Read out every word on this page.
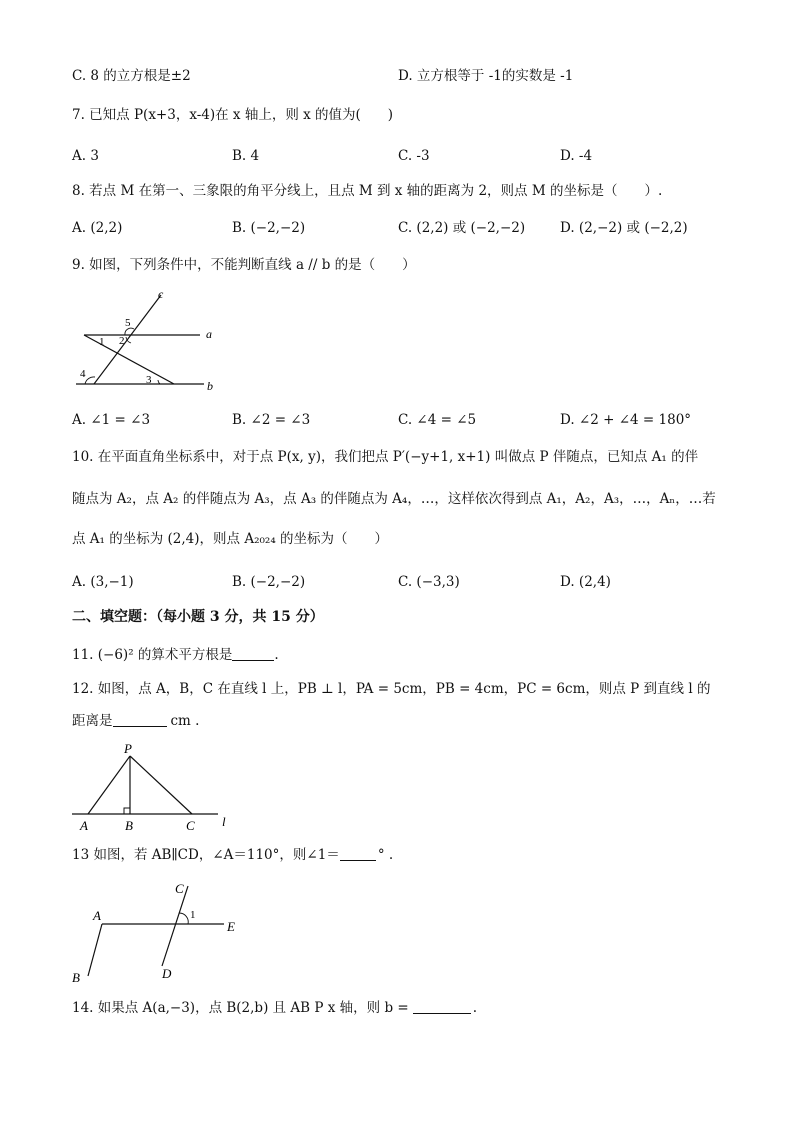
C. 8 的立方根是±2	D. 立方根等于 -1的实数是 -1
7. 已知点 P(x+3，x-4)在 x 轴上，则 x 的值为(　　)
A. 3	B. 4	C. -3	D. -4
8. 若点 M 在第一、三象限的角平分线上，且点 M 到 x 轴的距离为 2，则点 M 的坐标是（　　）.
A. (2,2)	B. (−2,−2)	C. (2,2) 或 (−2,−2)	D. (2,−2) 或 (−2,2)
9. 如图，下列条件中，不能判断直线 a // b 的是（　　）
c
a
b
5
1 2
3
4
A. ∠1 = ∠3	B. ∠2 = ∠3	C. ∠4 = ∠5	D. ∠2 + ∠4 = 180°
10. 在平面直角坐标系中，对于点 P(x, y)，我们把点 P′(−y+1, x+1) 叫做点 P 伴随点，已知点 A₁ 的伴
随点为 A₂，点 A₂ 的伴随点为 A₃，点 A₃ 的伴随点为 A₄，…，这样依次得到点 A₁，A₂，A₃，…，Aₙ，…若
点 A₁ 的坐标为 (2,4)，则点 A₂₀₂₄ 的坐标为（　　）
A. (3,−1)	B. (−2,−2)	C. (−3,3)	D. (2,4)
二、填空题：（每小题 3 分，共 15 分）
11. (−6)² 的算术平方根是	.
12. 如图，点 A，B，C 在直线 l 上，PB ⊥ l，PA = 5cm，PB = 4cm，PC = 6cm，则点 P 到直线 l 的
距离是	cm .
P
A	B	C l
13 如图，若 AB∥CD，∠A＝110°，则∠1＝	° .
A
B
C
D
E
1
14. 如果点 A(a,−3)，点 B(2,b) 且 AB P x 轴，则 b =	.
